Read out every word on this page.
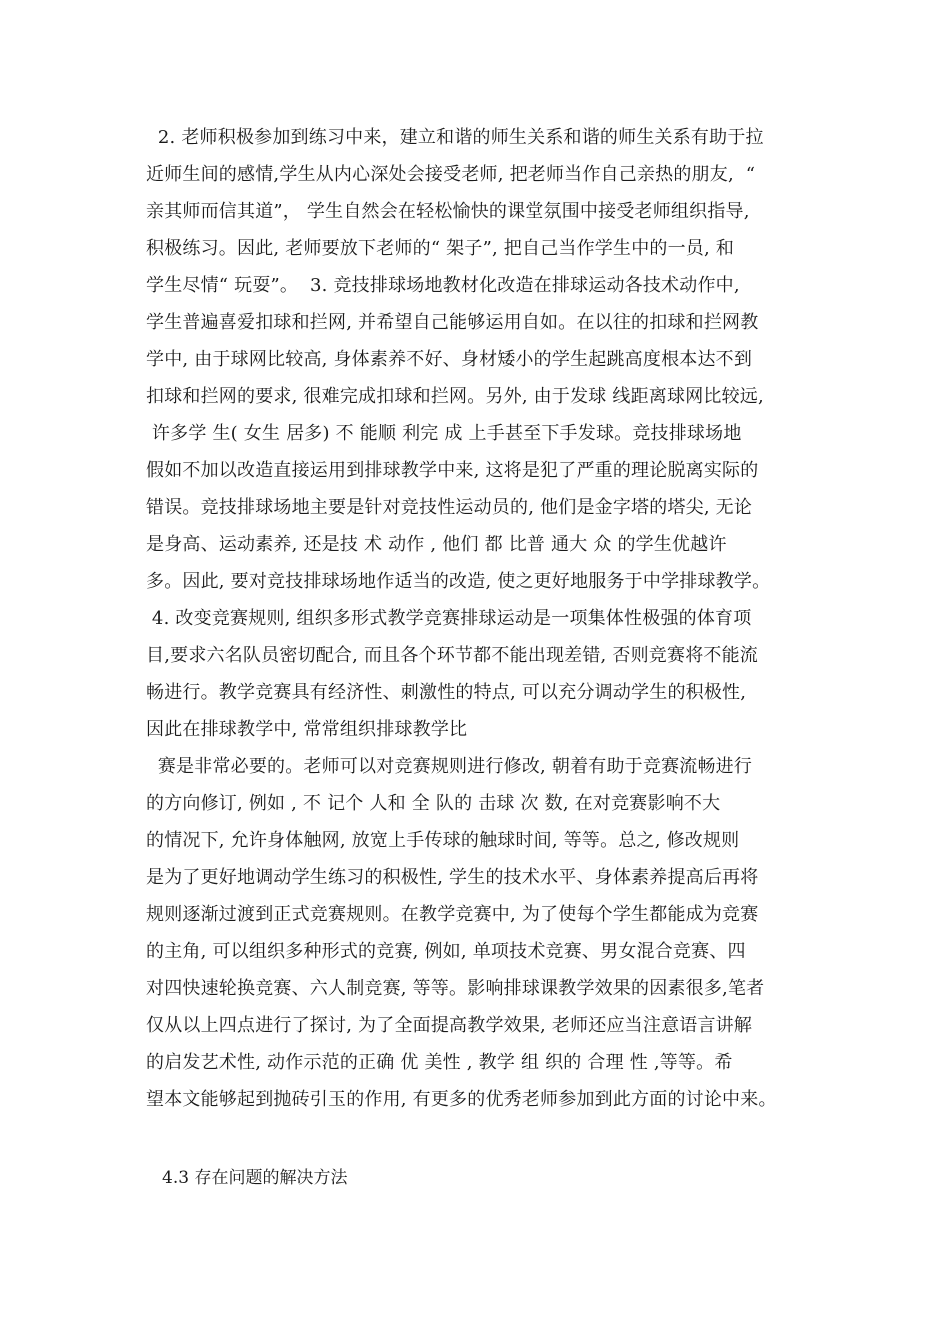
2. 老师积极参加到练习中来，建立和谐的师生关系和谐的师生关系有助于拉
近师生间的感情,学生从内心深处会接受老师, 把老师当作自己亲热的朋友,  “
亲其师而信其道”， 学生自然会在轻松愉快的课堂氛围中接受老师组织指导,
积极练习。因此, 老师要放下老师的“ 架子”, 把自己当作学生中的一员, 和
学生尽情“ 玩耍”。  3. 竞技排球场地教材化改造在排球运动各技术动作中,
学生普遍喜爱扣球和拦网, 并希望自己能够运用自如。在以往的扣球和拦网教
学中, 由于球网比较高, 身体素养不好、身材矮小的学生起跳高度根本达不到
扣球和拦网的要求, 很难完成扣球和拦网。另外, 由于发球 线距离球网比较远,
许多学 生( 女生 居多) 不 能顺 利完 成 上手甚至下手发球。竞技排球场地
假如不加以改造直接运用到排球教学中来, 这将是犯了严重的理论脱离实际的
错误。竞技排球场地主要是针对竞技性运动员的, 他们是金字塔的塔尖, 无论
是身高、运动素养, 还是技 术 动作 , 他们 都 比普 通大 众 的学生优越许
多。因此, 要对竞技排球场地作适当的改造, 使之更好地服务于中学排球教学。
4. 改变竞赛规则, 组织多形式教学竞赛排球运动是一项集体性极强的体育项
目,要求六名队员密切配合, 而且各个环节都不能出现差错, 否则竞赛将不能流
畅进行。教学竞赛具有经济性、刺激性的特点, 可以充分调动学生的积极性,
因此在排球教学中, 常常组织排球教学比
赛是非常必要的。老师可以对竞赛规则进行修改, 朝着有助于竞赛流畅进行
的方向修订, 例如 , 不 记个 人和 全 队的 击球 次 数, 在对竞赛影响不大
的情况下, 允许身体触网, 放宽上手传球的触球时间, 等等。总之, 修改规则
是为了更好地调动学生练习的积极性, 学生的技术水平、身体素养提高后再将
规则逐渐过渡到正式竞赛规则。在教学竞赛中, 为了使每个学生都能成为竞赛
的主角, 可以组织多种形式的竞赛, 例如, 单项技术竞赛、男女混合竞赛、四
对四快速轮换竞赛、六人制竞赛, 等等。影响排球课教学效果的因素很多,笔者
仅从以上四点进行了探讨, 为了全面提高教学效果, 老师还应当注意语言讲解
的启发艺术性, 动作示范的正确 优 美性 , 教学 组 织的 合理 性 ,等等。希
望本文能够起到抛砖引玉的作用, 有更多的优秀老师参加到此方面的讨论中来。
4.3 存在问题的解决方法
